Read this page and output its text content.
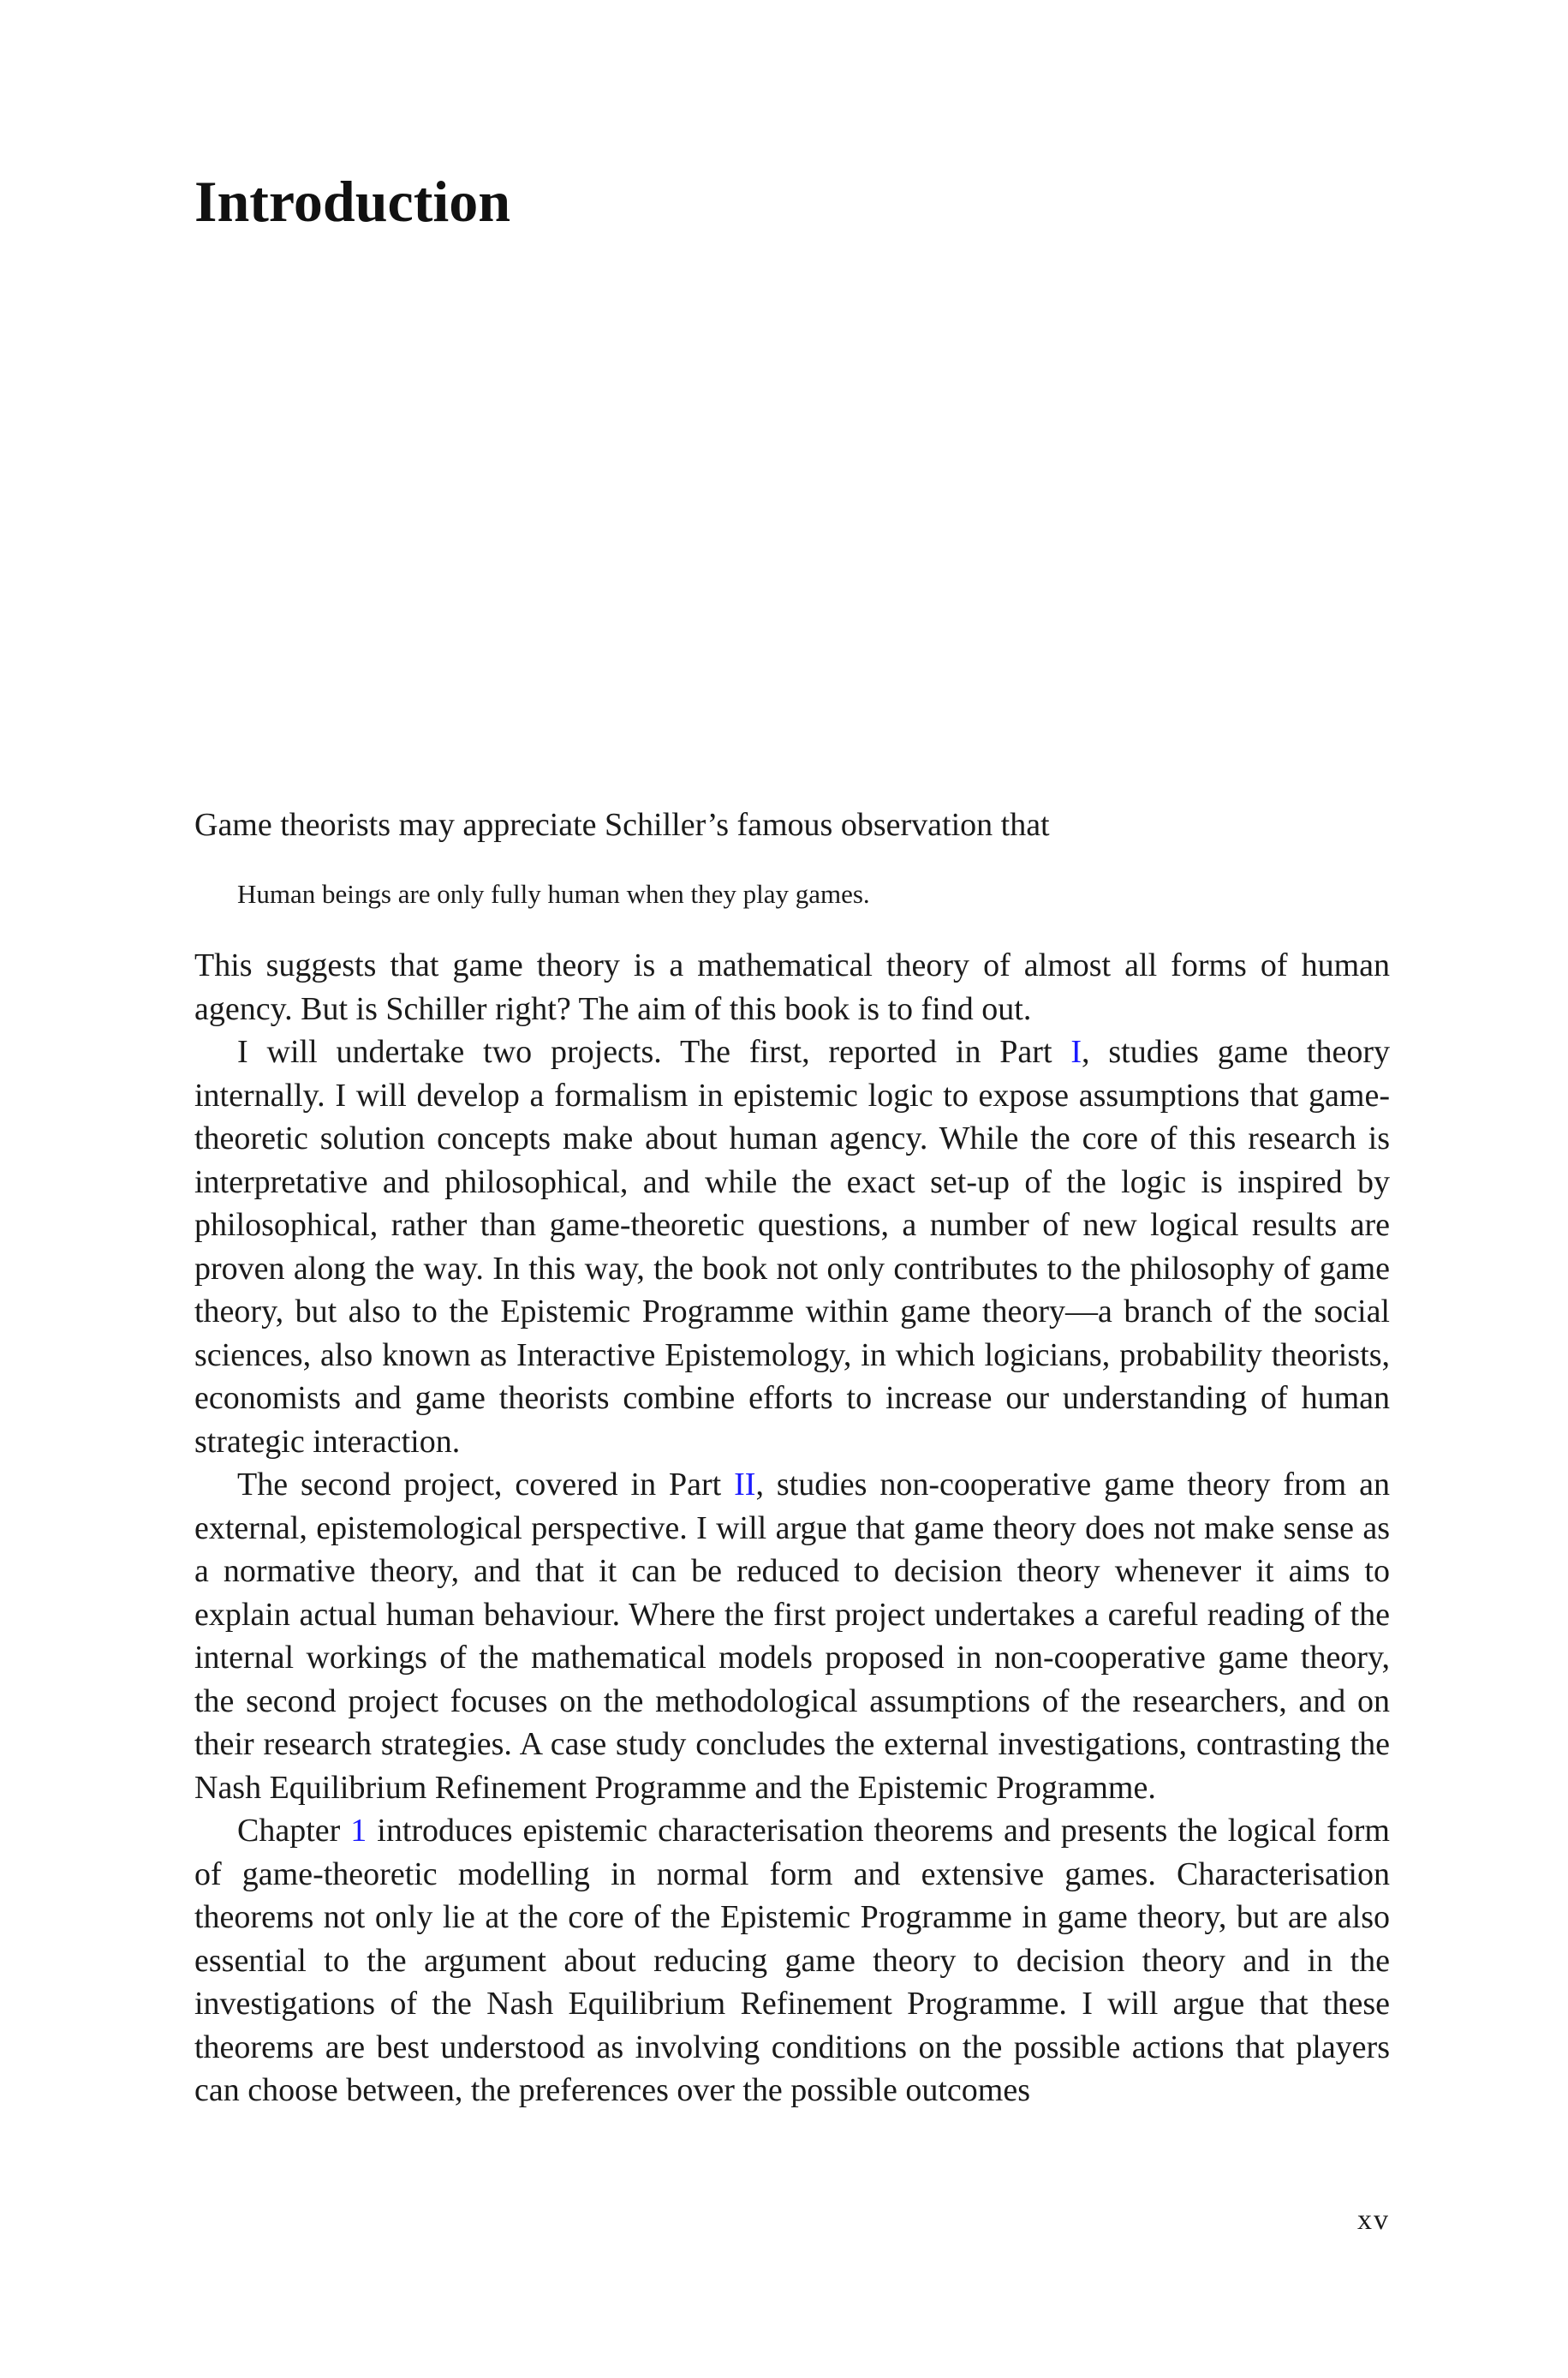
Introduction

Game theorists may appreciate Schiller’s famous observation that

Human beings are only fully human when they play games.

This suggests that game theory is a mathematical theory of almost all forms of human agency. But is Schiller right? The aim of this book is to find out.

I will undertake two projects. The first, reported in Part I, studies game theory internally. I will develop a formalism in epistemic logic to expose assumptions that game-theoretic solution concepts make about human agency. While the core of this research is interpretative and philosophical, and while the exact set-up of the logic is inspired by philosophical, rather than game-theoretic questions, a number of new logical results are proven along the way. In this way, the book not only contributes to the philosophy of game theory, but also to the Epistemic Programme within game theory—a branch of the social sciences, also known as Interactive Epistemology, in which logicians, probability theorists, economists and game theorists combine efforts to increase our understanding of human strategic interaction.

The second project, covered in Part II, studies non-cooperative game theory from an external, epistemological perspective. I will argue that game theory does not make sense as a normative theory, and that it can be reduced to decision theory whenever it aims to explain actual human behaviour. Where the first project undertakes a careful reading of the internal workings of the mathematical models proposed in non-cooperative game theory, the second project focuses on the methodological assumptions of the researchers, and on their research strategies. A case study concludes the external investigations, contrasting the Nash Equilibrium Refinement Programme and the Epistemic Programme.

Chapter 1 introduces epistemic characterisation theorems and presents the logical form of game-theoretic modelling in normal form and extensive games. Characterisation theorems not only lie at the core of the Epistemic Programme in game theory, but are also essential to the argument about reducing game theory to decision theory and in the investigations of the Nash Equilibrium Refinement Programme. I will argue that these theorems are best understood as involving conditions on the possible actions that players can choose between, the preferences over the possible outcomes

xv
